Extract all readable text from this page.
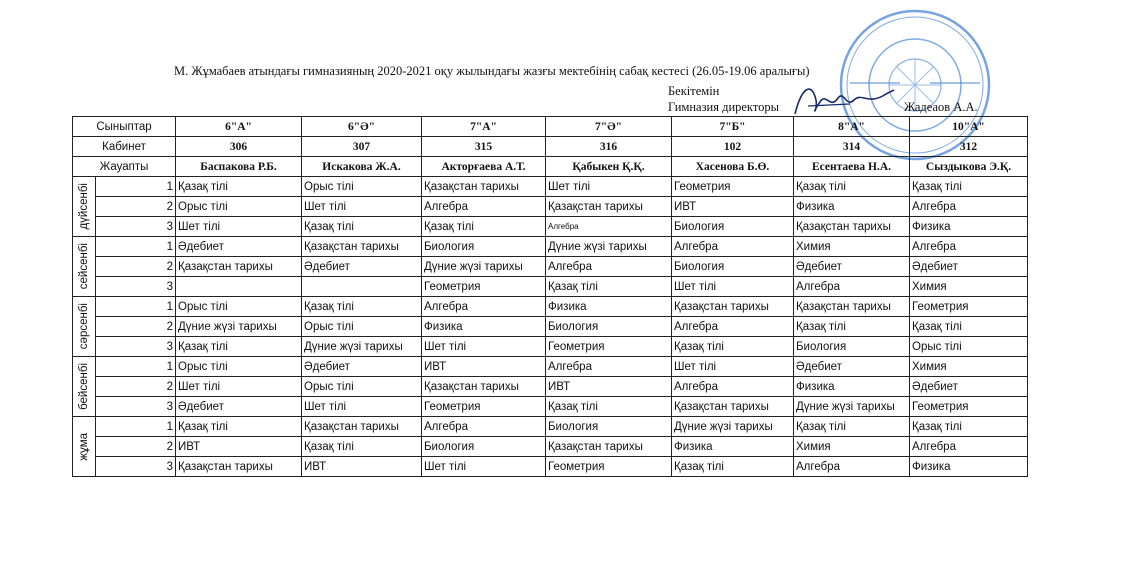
М. Жұмабаев атындағы гимназияның 2020-2021 оқу жылындағы жазғы мектебінің сабақ кестесі (26.05-19.06 аралығы)
Бекітемін
Гимназия директоры	Жадеаов А.А.
Сыныптар		6"А"	6"Ә"	7"А"	7"Ә"	7"Б"	8"А"	10"А"
Кабинет		306	307	315	316	102	314	312
Жауапты		Баспакова Р.Б.	Искакова Ж.А.	Акторғаева А.Т.	Қабыкен Қ.Қ.	Хасенова Б.Ө.	Есентаева Н.А.	Сыздыкова Э.Қ.

дүйсенбі	1	Қазақ тілі	Орыс тілі	Қазақстан тарихы	Шет тілі	Геометрия	Қазақ тілі	Қазақ тілі
	2	Орыс тілі	Шет тілі	Алгебра	Қазақстан тарихы	ИВТ	Физика	Алгебра
	3	Шет тілі	Қазақ тілі	Қазақ тілі	Алгебра	Биология	Қазақстан тарихы	Физика

сейсенбі	1	Әдебиет	Қазақстан тарихы	Биология	Дүние жүзі тарихы	Алгебра	Химия	Алгебра
	2	Қазақстан тарихы	Әдебиет	Дүние жүзі тарихы	Алгебра	Биология	Әдебиет	Әдебиет
	3			Геометрия	Қазақ тілі	Шет тілі	Алгебра	Химия

сәрсенбі	1	Орыс тілі	Қазақ тілі	Алгебра	Физика	Қазақстан тарихы	Қазақстан тарихы	Геометрия
	2	Дүние жүзі тарихы	Орыс тілі	Физика	Биология	Алгебра	Қазақ тілі	Қазақ тілі
	3	Қазақ тілі	Дүние жүзі тарихы	Шет тілі	Геометрия	Қазақ тілі	Биология	Орыс тілі

бейсенбі	1	Орыс тілі	Әдебиет	ИВТ	Алгебра	Шет тілі	Әдебиет	Химия
	2	Шет тілі	Орыс тілі	Қазақстан тарихы	ИВТ	Алгебра	Физика	Әдебиет
	3	Әдебиет	Шет тілі	Геометрия	Қазақ тілі	Қазақстан тарихы	Дүние жүзі тарихы	Геометрия

жұма	1	Қазақ тілі	Қазақстан тарихы	Алгебра	Биология	Дүние жүзі тарихы	Қазақ тілі	Қазақ тілі
	2	ИВТ	Қазақ тілі	Биология	Қазақстан тарихы	Физика	Химия	Алгебра
	3	Қазақстан тарихы	ИВТ	Шет тілі	Геометрия	Қазақ тілі	Алгебра	Физика
